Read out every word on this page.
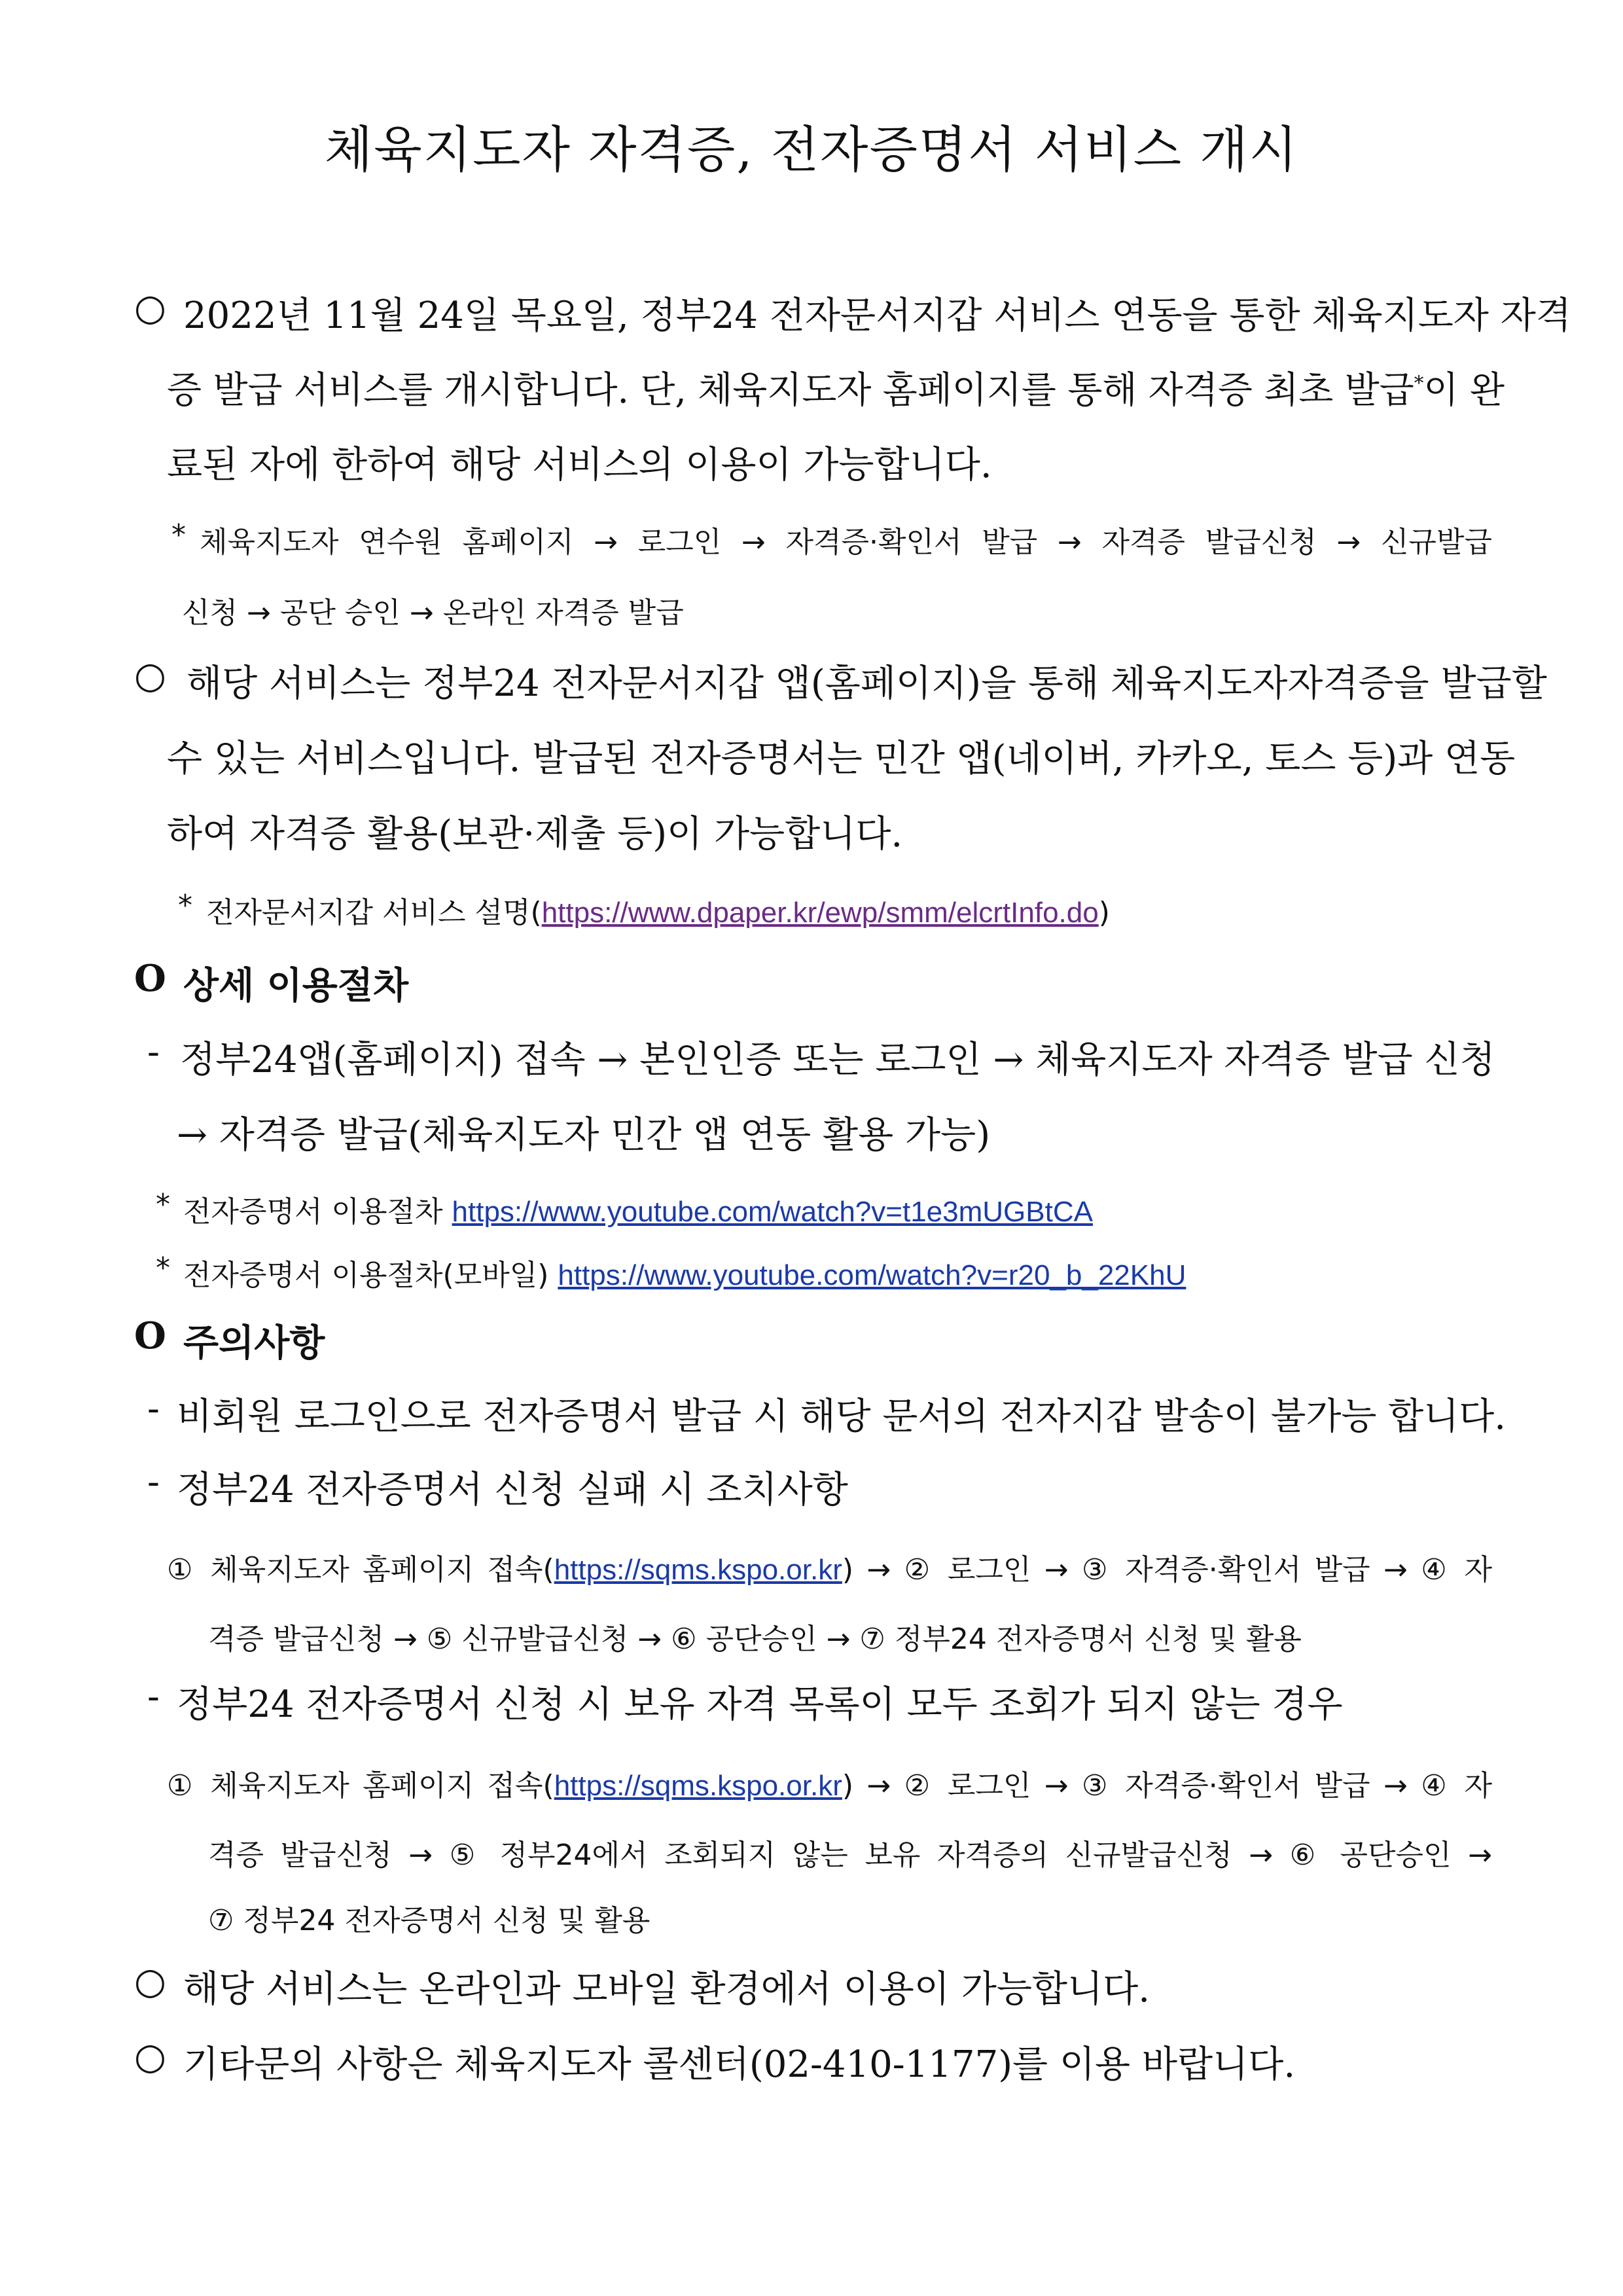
체육지도자 자격증, 전자증명서 서비스 개시
○ 2022년 11월 24일 목요일, 정부24 전자문서지갑 서비스 연동을 통한 체육지도자 자격
증 발급 서비스를 개시합니다. 단, 체육지도자 홈페이지를 통해 자격증 최초 발급*이 완
료된 자에 한하여 해당 서비스의 이용이 가능합니다.
* 체육지도자 연수원 홈페이지 → 로그인 → 자격증·확인서 발급 → 자격증 발급신청 → 신규발급
신청 → 공단 승인 → 온라인 자격증 발급
○ 해당 서비스는 정부24 전자문서지갑 앱(홈페이지)을 통해 체육지도자자격증을 발급할
수 있는 서비스입니다. 발급된 전자증명서는 민간 앱(네이버, 카카오, 토스 등)과 연동
하여 자격증 활용(보관·제출 등)이 가능합니다.
* 전자문서지갑 서비스 설명(https://www.dpaper.kr/ewp/smm/elcrtInfo.do)
O 상세 이용절차
- 정부24앱(홈페이지) 접속 → 본인인증 또는 로그인 → 체육지도자 자격증 발급 신청
→ 자격증 발급(체육지도자 민간 앱 연동 활용 가능)
* 전자증명서 이용절차 https://www.youtube.com/watch?v=t1e3mUGBtCA
* 전자증명서 이용절차(모바일) https://www.youtube.com/watch?v=r20_b_22KhU
O 주의사항
- 비회원 로그인으로 전자증명서 발급 시 해당 문서의 전자지갑 발송이 불가능 합니다.
- 정부24 전자증명서 신청 실패 시 조치사항
① 체육지도자 홈페이지 접속(https://sqms.kspo.or.kr) → ② 로그인 → ③ 자격증·확인서 발급 → ④ 자
격증 발급신청 → ⑤ 신규발급신청 → ⑥ 공단승인 → ⑦ 정부24 전자증명서 신청 및 활용
- 정부24 전자증명서 신청 시 보유 자격 목록이 모두 조회가 되지 않는 경우
① 체육지도자 홈페이지 접속(https://sqms.kspo.or.kr) → ② 로그인 → ③ 자격증·확인서 발급 → ④ 자
격증 발급신청 → ⑤ 정부24에서 조회되지 않는 보유 자격증의 신규발급신청 → ⑥ 공단승인 →
⑦ 정부24 전자증명서 신청 및 활용
○ 해당 서비스는 온라인과 모바일 환경에서 이용이 가능합니다.
○ 기타문의 사항은 체육지도자 콜센터(02-410-1177)를 이용 바랍니다.
